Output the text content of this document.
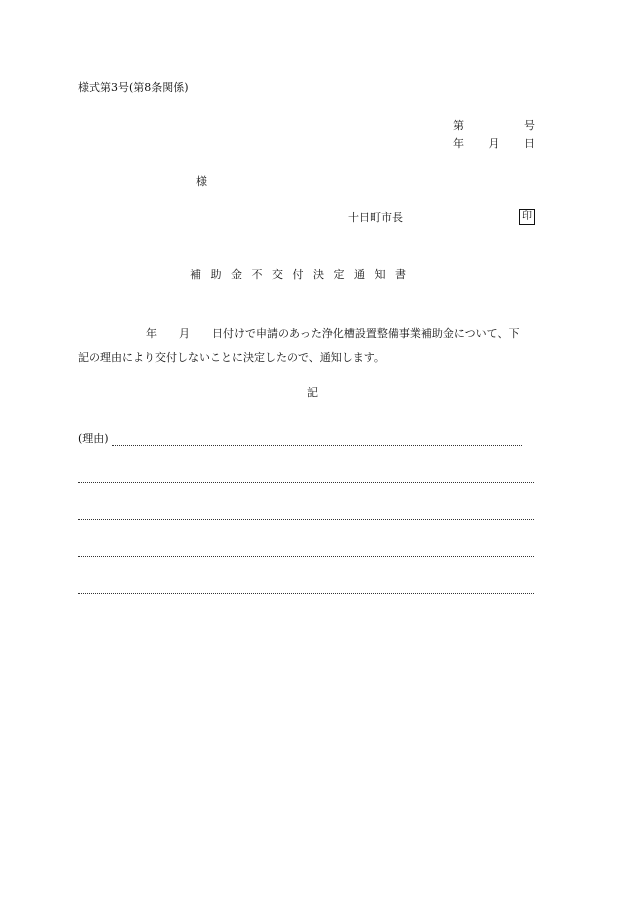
様式第3号(第8条関係)
第	号
年 月 日
様
十日町市長	印
補助金不交付決定通知書
年 月 日付けで申請のあった浄化槽設置整備事業補助金について、下
記の理由により交付しないことに決定したので、通知します。
記
(理由)
